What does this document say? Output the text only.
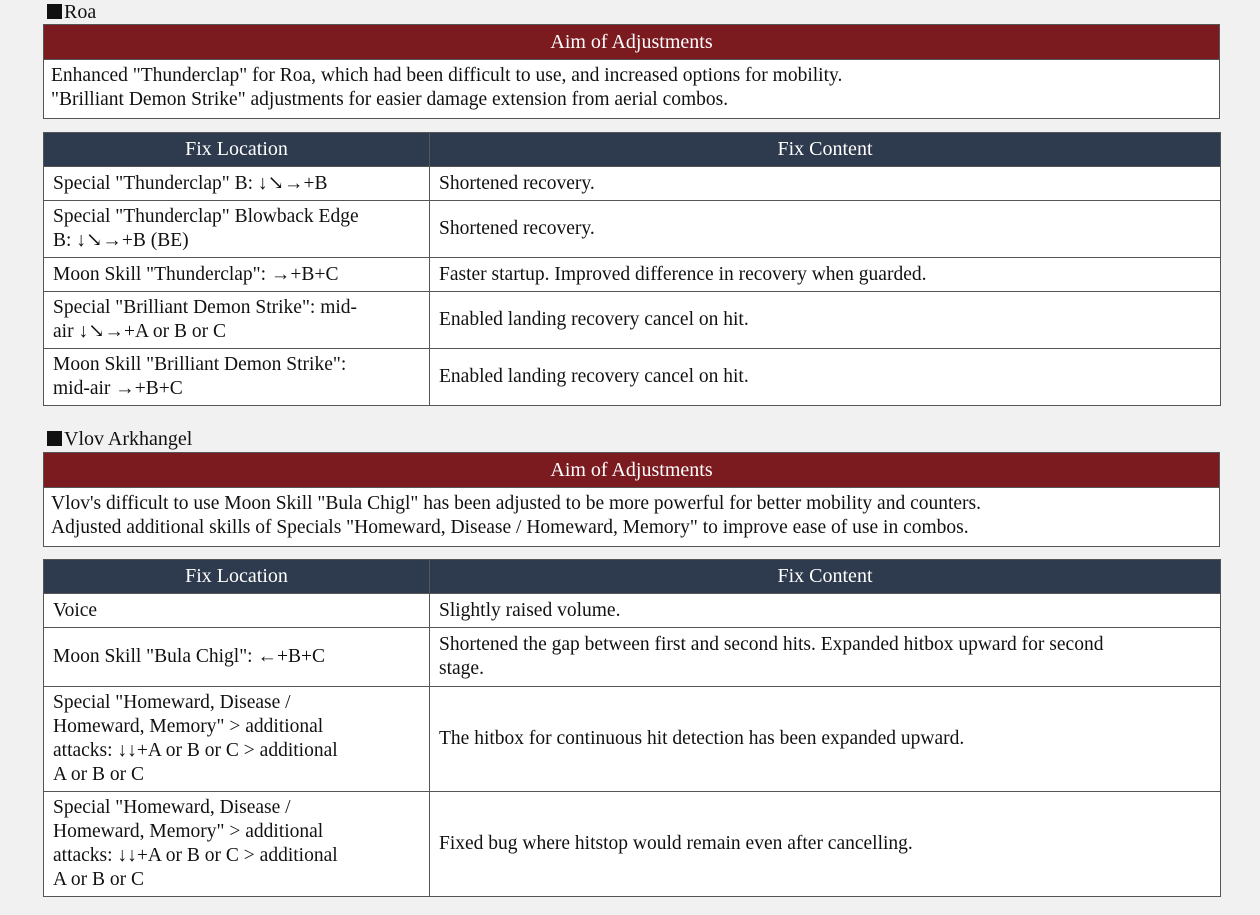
Roa
Aim of Adjustments
Enhanced "Thunderclap" for Roa, which had been difficult to use, and increased options for mobility.
"Brilliant Demon Strike" adjustments for easier damage extension from aerial combos.
Fix Location	Fix Content

Special "Thunderclap" B: ↓↘→+B	Shortened recovery.

Special "Thunderclap" Blowback Edge
B: ↓↘→+B (BE)	Shortened recovery.

Moon Skill "Thunderclap": →+B+C	Faster startup. Improved difference in recovery when guarded.

Special "Brilliant Demon Strike": mid-
air ↓↘→+A or B or C	Enabled landing recovery cancel on hit.

Moon Skill "Brilliant Demon Strike":
mid-air →+B+C	Enabled landing recovery cancel on hit.
Vlov Arkhangel
Aim of Adjustments
Vlov's difficult to use Moon Skill "Bula Chigl" has been adjusted to be more powerful for better mobility and counters.
Adjusted additional skills of Specials "Homeward, Disease / Homeward, Memory" to improve ease of use in combos.
Fix Location	Fix Content

Voice	Slightly raised volume.

Moon Skill "Bula Chigl": ←+B+C	Shortened the gap between first and second hits. Expanded hitbox upward for second
stage.

Special "Homeward, Disease /
Homeward, Memory" > additional
attacks: ↓↓+A or B or C > additional
A or B or C	The hitbox for continuous hit detection has been expanded upward.

Special "Homeward, Disease /
Homeward, Memory" > additional
attacks: ↓↓+A or B or C > additional
A or B or C	Fixed bug where hitstop would remain even after cancelling.
